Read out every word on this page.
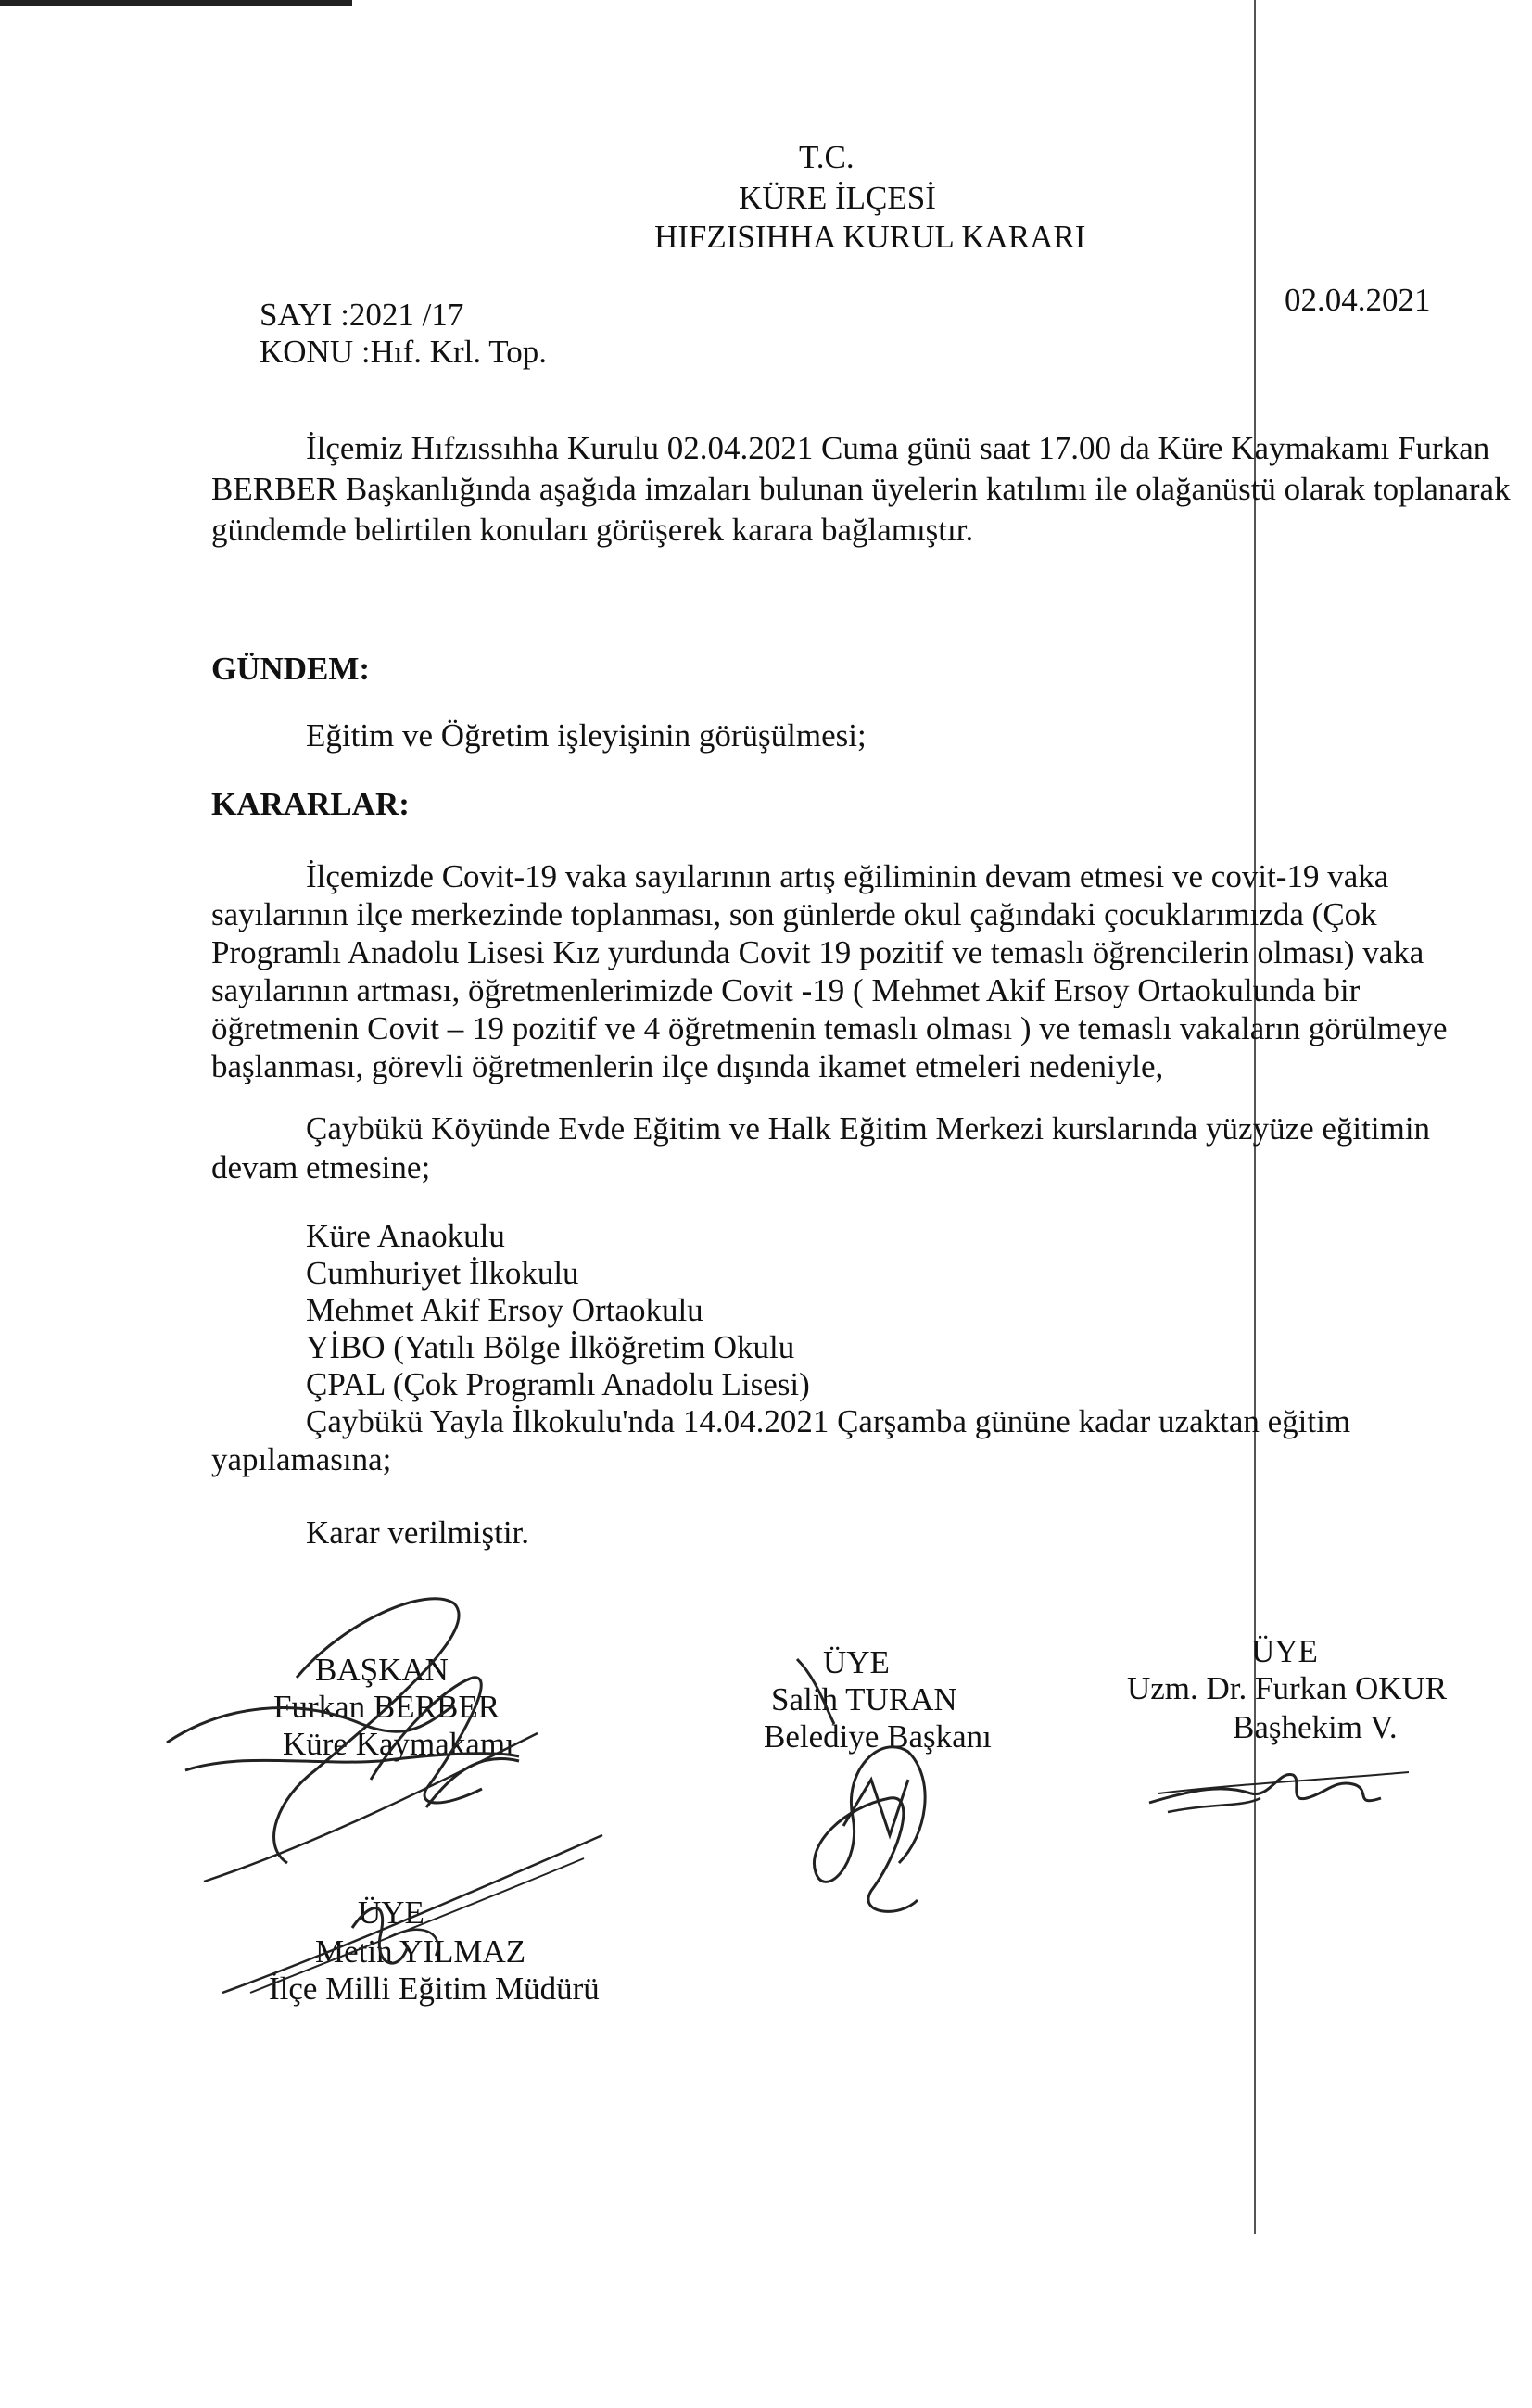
T.C.
KÜRE İLÇESİ
HIFZISIHHA KURUL KARARI
SAYI :2021 /17
KONU :Hıf. Krl. Top.
02.04.2021
İlçemiz Hıfzıssıhha Kurulu 02.04.2021 Cuma günü saat 17.00 da Küre Kaymakamı Furkan
BERBER Başkanlığında aşağıda imzaları bulunan üyelerin katılımı ile olağanüstü olarak toplanarak
gündemde belirtilen konuları görüşerek karara bağlamıştır.
GÜNDEM:
Eğitim ve Öğretim işleyişinin görüşülmesi;
KARARLAR:
İlçemizde Covit-19 vaka sayılarının artış eğiliminin devam etmesi ve covit-19 vaka
sayılarının ilçe merkezinde toplanması, son günlerde okul çağındaki çocuklarımızda (Çok
Programlı Anadolu Lisesi Kız yurdunda Covit 19 pozitif ve temaslı öğrencilerin olması) vaka
sayılarının artması, öğretmenlerimizde Covit -19 ( Mehmet Akif Ersoy Ortaokulunda bir
öğretmenin Covit – 19 pozitif ve 4 öğretmenin temaslı olması ) ve temaslı vakaların görülmeye
başlanması, görevli öğretmenlerin ilçe dışında ikamet etmeleri nedeniyle,
Çaybükü Köyünde Evde Eğitim ve Halk Eğitim Merkezi kurslarında yüzyüze eğitimin
devam etmesine;
Küre Anaokulu
Cumhuriyet İlkokulu
Mehmet Akif Ersoy Ortaokulu
YİBO (Yatılı Bölge İlköğretim Okulu
ÇPAL (Çok Programlı Anadolu Lisesi)
Çaybükü Yayla İlkokulu'nda 14.04.2021 Çarşamba gününe kadar uzaktan eğitim
yapılamasına;
Karar verilmiştir.
BAŞKAN
Furkan BERBER
Küre Kaymakamı
ÜYE
Salih TURAN
Belediye Başkanı
ÜYE
Uzm. Dr. Furkan OKUR
Başhekim V.
ÜYE
Metin YILMAZ
İlçe Milli Eğitim Müdürü
